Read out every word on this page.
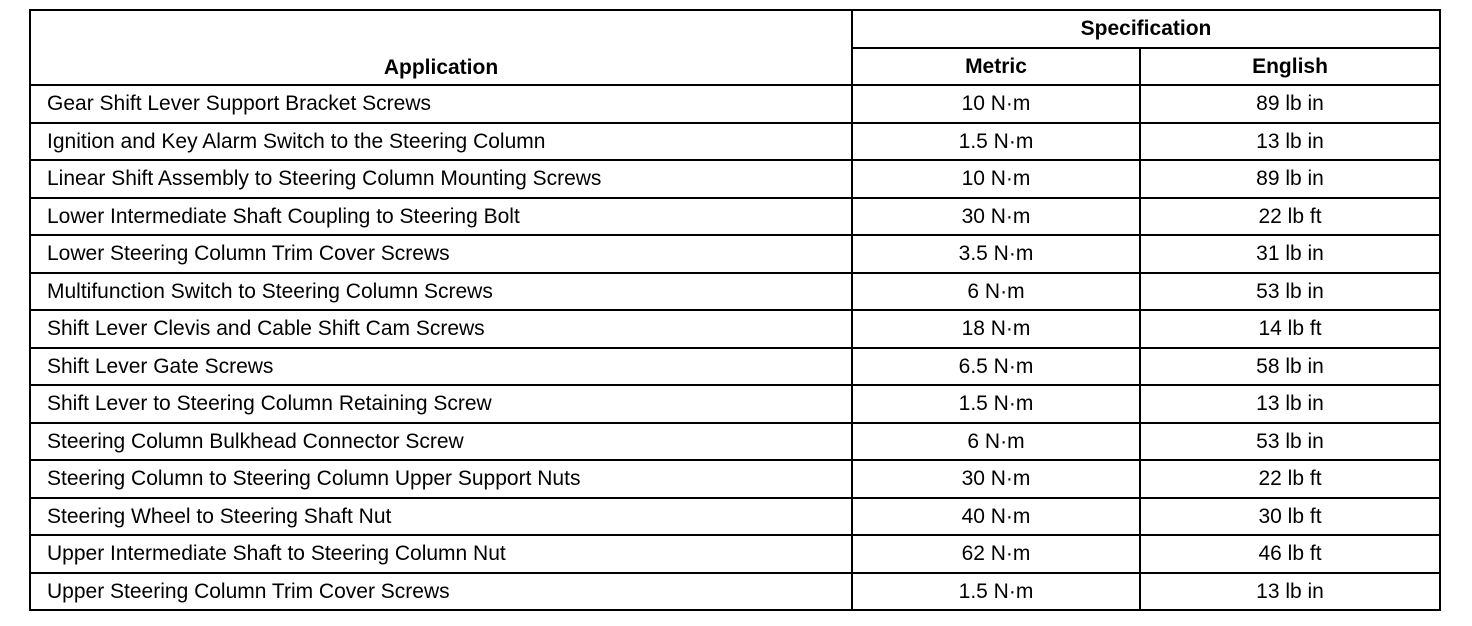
Application	Specification	
	Metric	English
Gear Shift Lever Support Bracket Screws	10 N·m	89 lb in
Ignition and Key Alarm Switch to the Steering Column	1.5 N·m	13 lb in
Linear Shift Assembly to Steering Column Mounting Screws	10 N·m	89 lb in
Lower Intermediate Shaft Coupling to Steering Bolt	30 N·m	22 lb ft
Lower Steering Column Trim Cover Screws	3.5 N·m	31 lb in
Multifunction Switch to Steering Column Screws	6 N·m	53 lb in
Shift Lever Clevis and Cable Shift Cam Screws	18 N·m	14 lb ft
Shift Lever Gate Screws	6.5 N·m	58 lb in
Shift Lever to Steering Column Retaining Screw	1.5 N·m	13 lb in
Steering Column Bulkhead Connector Screw	6 N·m	53 lb in
Steering Column to Steering Column Upper Support Nuts	30 N·m	22 lb ft
Steering Wheel to Steering Shaft Nut	40 N·m	30 lb ft
Upper Intermediate Shaft to Steering Column Nut	62 N·m	46 lb ft
Upper Steering Column Trim Cover Screws	1.5 N·m	13 lb in
